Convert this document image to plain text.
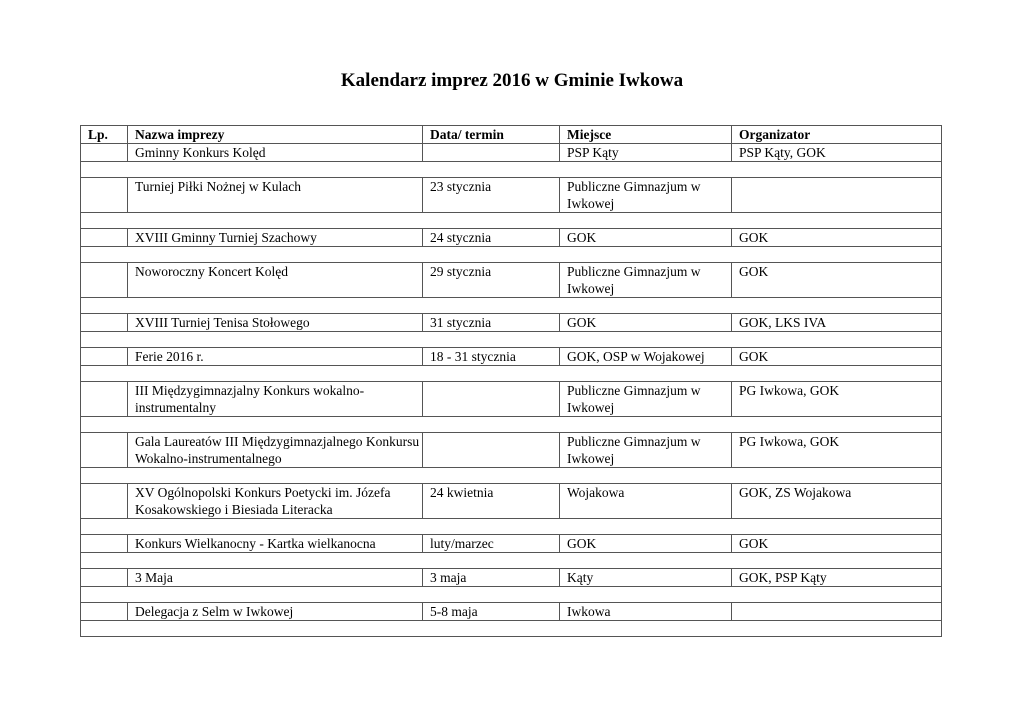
Kalendarz imprez 2016 w Gminie Iwkowa
Lp.	Nazwa imprezy	Data/ termin	Miejsce	Organizator
	Gminny Konkurs Kolęd		PSP Kąty	PSP Kąty, GOK

	Turniej Piłki Nożnej w Kulach	23 stycznia	Publiczne Gimnazjum w Iwkowej	

	XVIII Gminny Turniej Szachowy	24 stycznia	GOK	GOK

	Noworoczny Koncert Kolęd	29 stycznia	Publiczne Gimnazjum w Iwkowej	GOK

	XVIII Turniej Tenisa Stołowego	31 stycznia	GOK	GOK, LKS IVA

	Ferie 2016 r.	18 - 31 stycznia	GOK, OSP w Wojakowej	GOK

	III Międzygimnazjalny Konkurs wokalno-instrumentalny		Publiczne Gimnazjum w Iwkowej	PG Iwkowa, GOK

	Gala Laureatów III Międzygimnazjalnego Konkursu Wokalno-instrumentalnego		Publiczne Gimnazjum w Iwkowej	PG Iwkowa, GOK

	XV Ogólnopolski Konkurs Poetycki im. Józefa Kosakowskiego i Biesiada Literacka	24 kwietnia	Wojakowa	GOK, ZS Wojakowa

	Konkurs Wielkanocny - Kartka wielkanocna	luty/marzec	GOK	GOK

	3 Maja	3 maja	Kąty	GOK, PSP Kąty

	Delegacja z Selm w Iwkowej	5-8 maja	Iwkowa	
